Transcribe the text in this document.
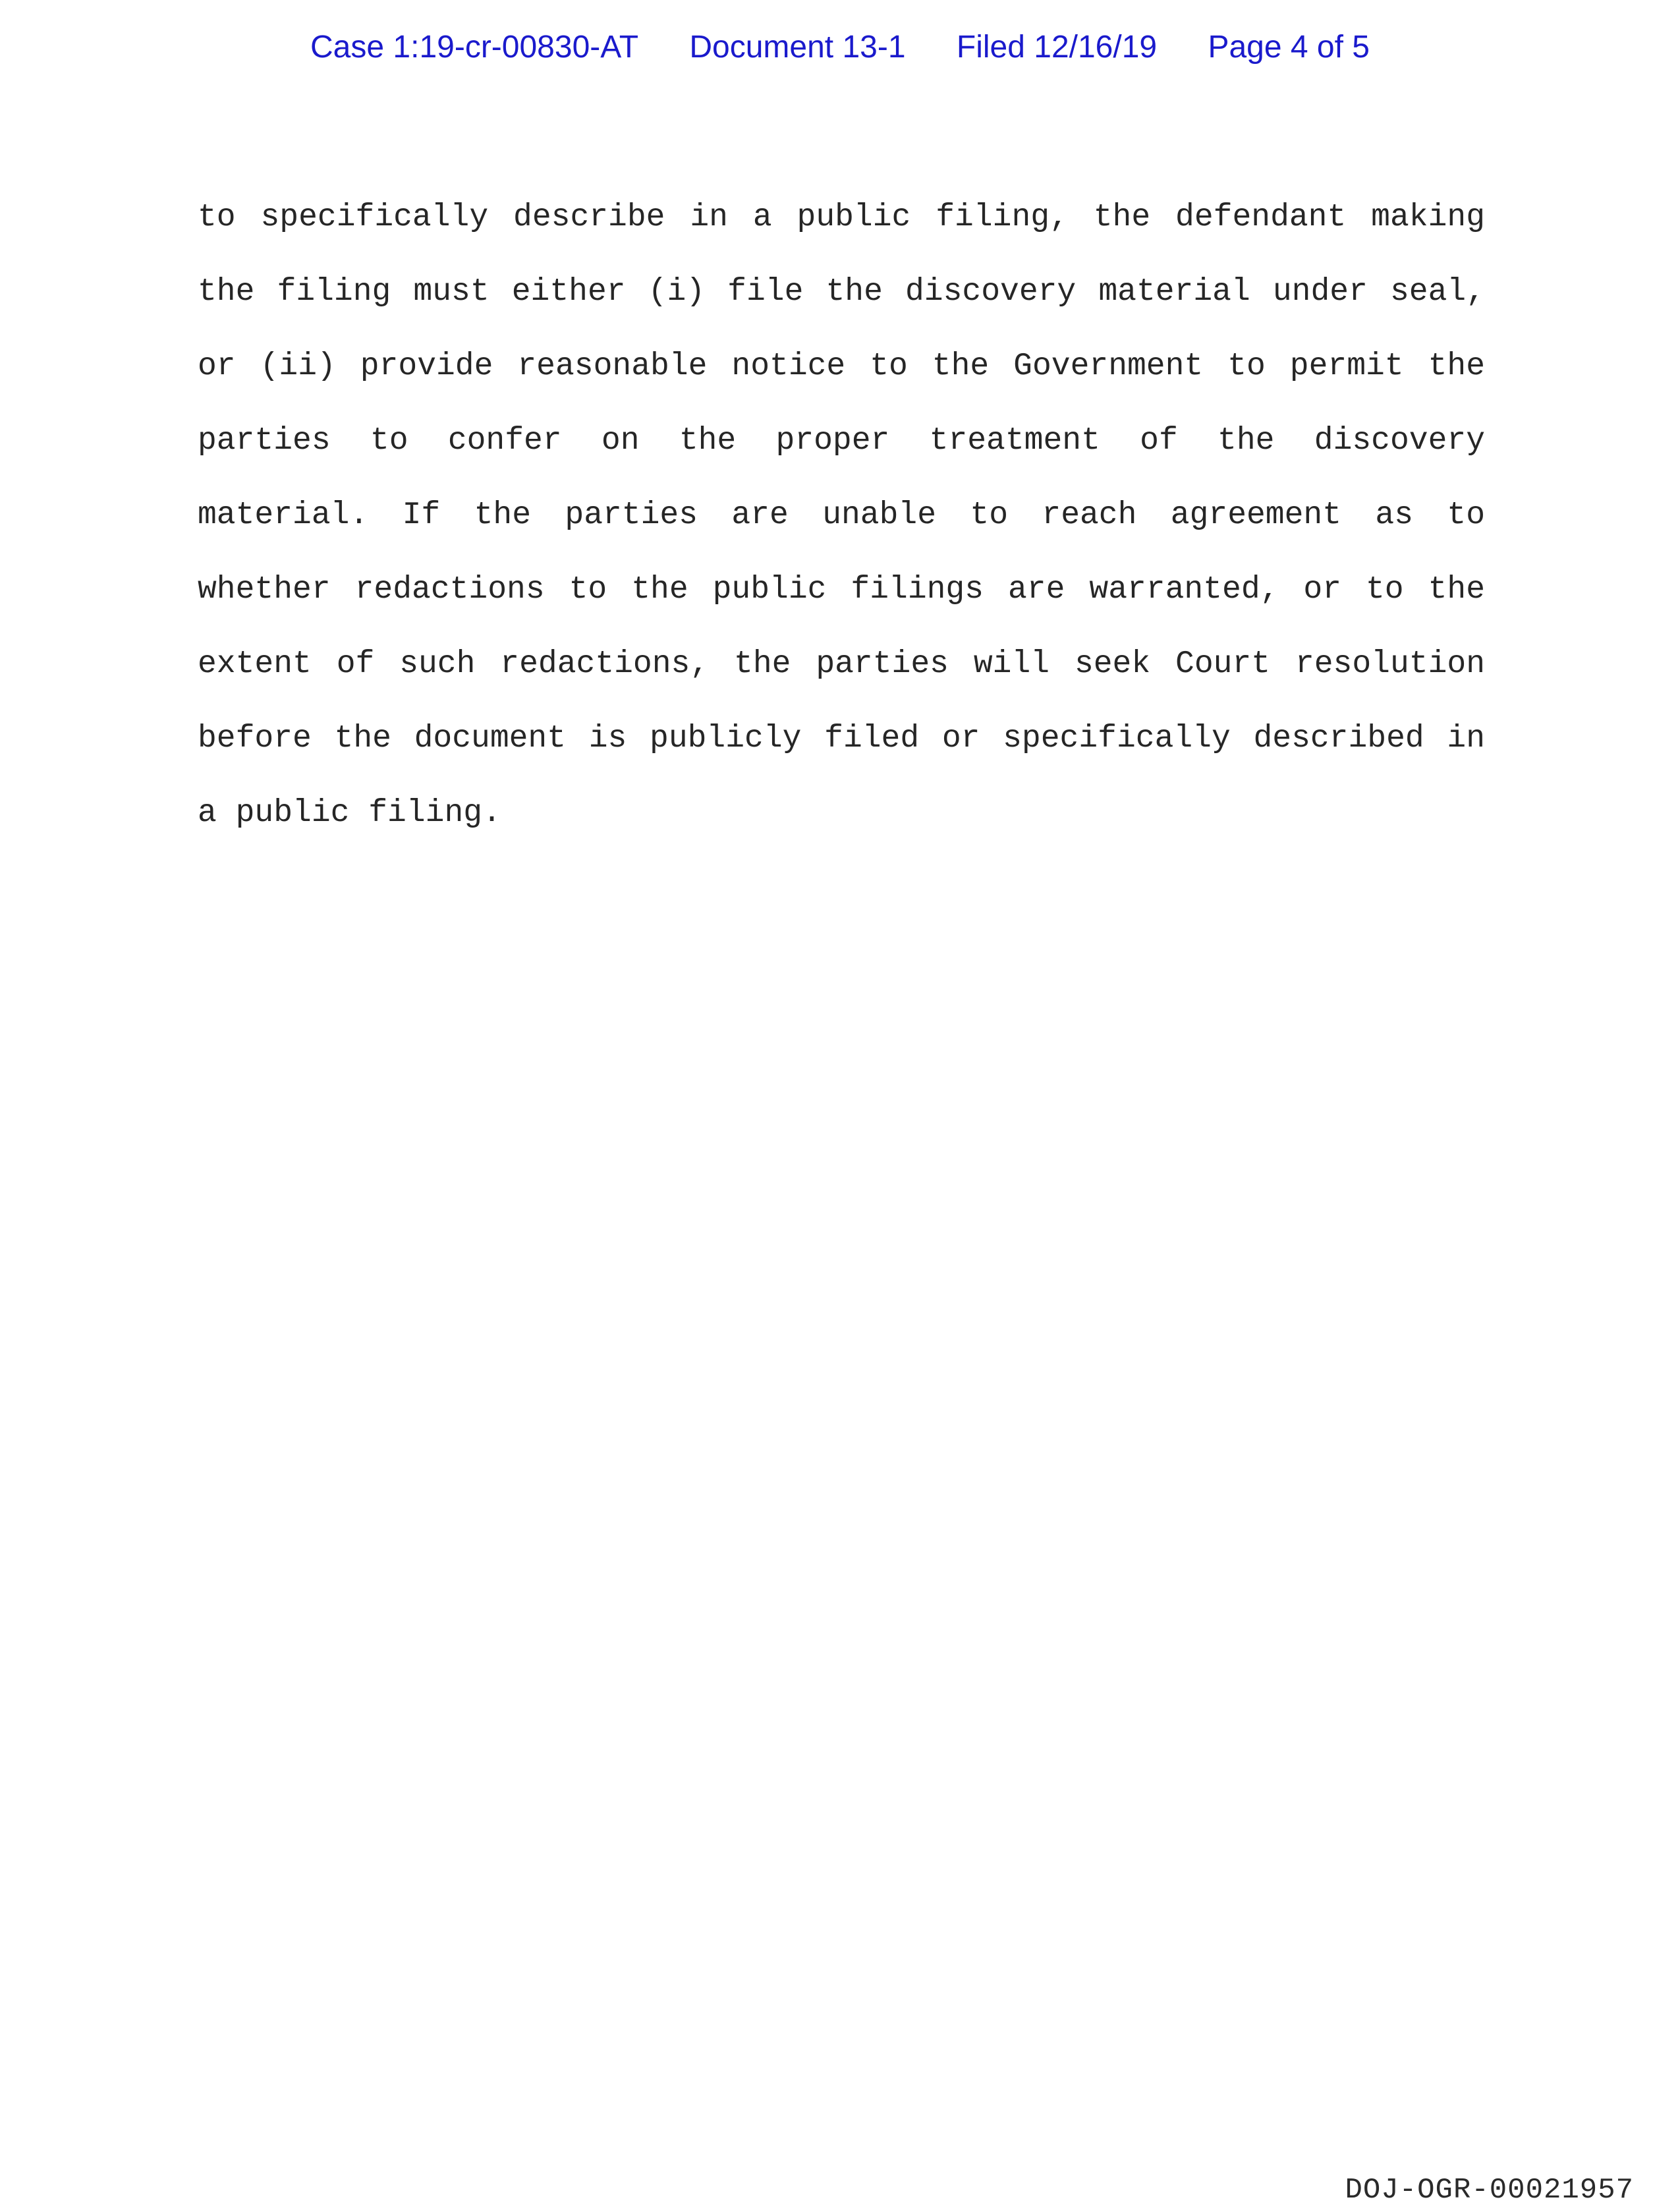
Case 1:19-cr-00830-AT Document 13-1 Filed 12/16/19 Page 4 of 5
to specifically describe in a public filing, the defendant making
the filing must either (i) file the discovery material under seal,
or (ii) provide reasonable notice to the Government to permit the
parties to confer on the proper treatment of the discovery
material. If the parties are unable to reach agreement as to
whether redactions to the public filings are warranted, or to the
extent of such redactions, the parties will seek Court resolution
before the document is publicly filed or specifically described in
a public filing.
DOJ-OGR-00021957
